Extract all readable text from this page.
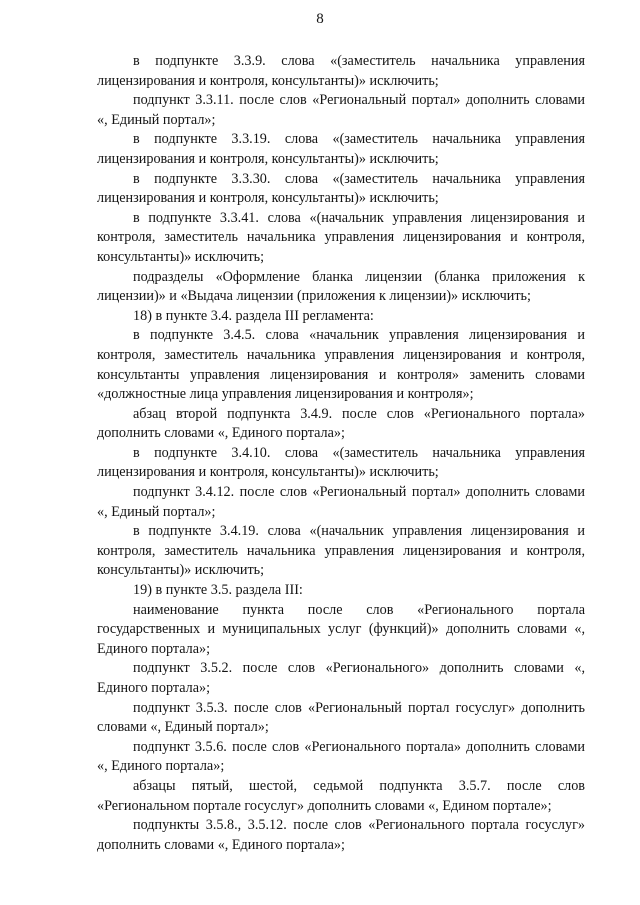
8

в подпункте 3.3.9. слова «(заместитель начальника управления лицензирования и контроля, консультанты)» исключить;

подпункт 3.3.11. после слов «Региональный портал» дополнить словами «, Единый портал»;

в подпункте 3.3.19. слова «(заместитель начальника управления лицензирования и контроля, консультанты)» исключить;

в подпункте 3.3.30. слова «(заместитель начальника управления лицензирования и контроля, консультанты)» исключить;

в подпункте 3.3.41. слова «(начальник управления лицензирования и контроля, заместитель начальника управления лицензирования и контроля, консультанты)» исключить;

подразделы «Оформление бланка лицензии (бланка приложения к лицензии)» и «Выдача лицензии (приложения к лицензии)» исключить;

18) в пункте 3.4. раздела III регламента:

в подпункте 3.4.5. слова «начальник управления лицензирования и контроля, заместитель начальника управления лицензирования и контроля, консультанты управления лицензирования и контроля» заменить словами «должностные лица управления лицензирования и контроля»;

абзац второй подпункта 3.4.9. после слов «Регионального портала» дополнить словами «, Единого портала»;

в подпункте 3.4.10. слова «(заместитель начальника управления лицензирования и контроля, консультанты)» исключить;

подпункт 3.4.12. после слов «Региональный портал» дополнить словами «, Единый портал»;

в подпункте 3.4.19. слова «(начальник управления лицензирования и контроля, заместитель начальника управления лицензирования и контроля, консультанты)» исключить;

19) в пункте 3.5. раздела III:

наименование пункта после слов «Регионального портала государственных и муниципальных услуг (функций)» дополнить словами «, Единого портала»;

подпункт 3.5.2. после слов «Регионального» дополнить словами «, Единого портала»;

подпункт 3.5.3. после слов «Региональный портал госуслуг» дополнить словами «, Единый портал»;

подпункт 3.5.6. после слов «Регионального портала» дополнить словами «, Единого портала»;

абзацы пятый, шестой, седьмой подпункта 3.5.7. после слов «Региональном портале госуслуг» дополнить словами «, Едином портале»;

подпункты 3.5.8., 3.5.12. после слов «Регионального портала госуслуг» дополнить словами «, Единого портала»;
